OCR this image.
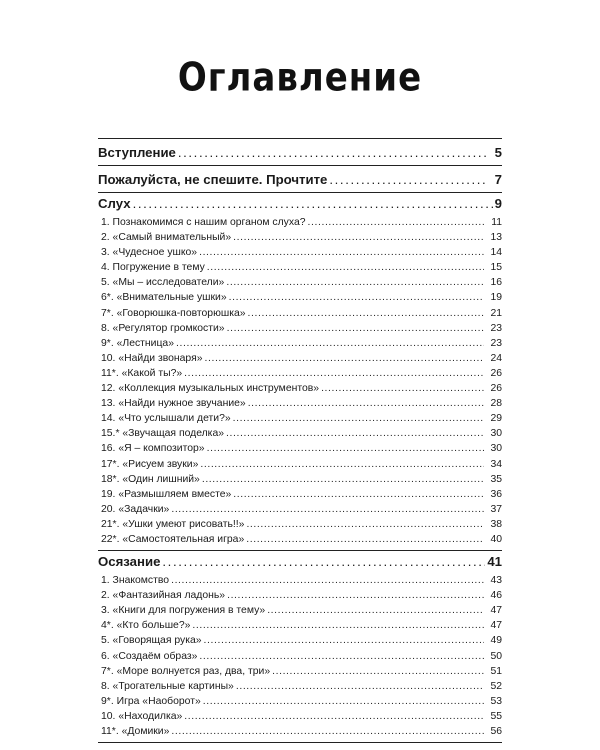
Оглавление
Вступление .....	5
Пожалуйста, не спешите. Прочтите .....	7
Слух .....	9
1. Познакомимся с нашим органом слуха? .....	11
2. «Самый внимательный» .....	13
3. «Чудесное ушко» .....	14
4. Погружение в тему .....	15
5. «Мы – исследователи» .....	16
6*. «Внимательные ушки» .....	19
7*. «Говорюшка-повторюшка» .....	21
8. «Регулятор громкости» .....	23
9*. «Лестница» .....	23
10. «Найди звонаря» .....	24
11*. «Какой ты?» .....	26
12. «Коллекция музыкальных инструментов» .....	26
13. «Найди нужное звучание» .....	28
14. «Что услышали дети?» .....	29
15.* «Звучащая поделка» .....	30
16. «Я – композитор» .....	30
17*. «Рисуем звуки» .....	34
18*. «Один лишний» .....	35
19. «Размышляем вместе» .....	36
20. «Задачки» .....	37
21*. «Ушки умеют рисовать!!» .....	38
22*. «Самостоятельная игра» .....	40
Осязание .....	41
1. Знакомство .....	43
2. «Фантазийная ладонь» .....	46
3. «Книги для погружения в тему» .....	47
4*. «Кто больше?» .....	47
5. «Говорящая рука» .....	49
6. «Создаём образ» .....	50
7*. «Море волнуется раз, два, три» .....	51
8. «Трогательные картины» .....	52
9*. Игра «Наоборот» .....	53
10. «Находилка» .....	55
11*. «Домики» .....	56
